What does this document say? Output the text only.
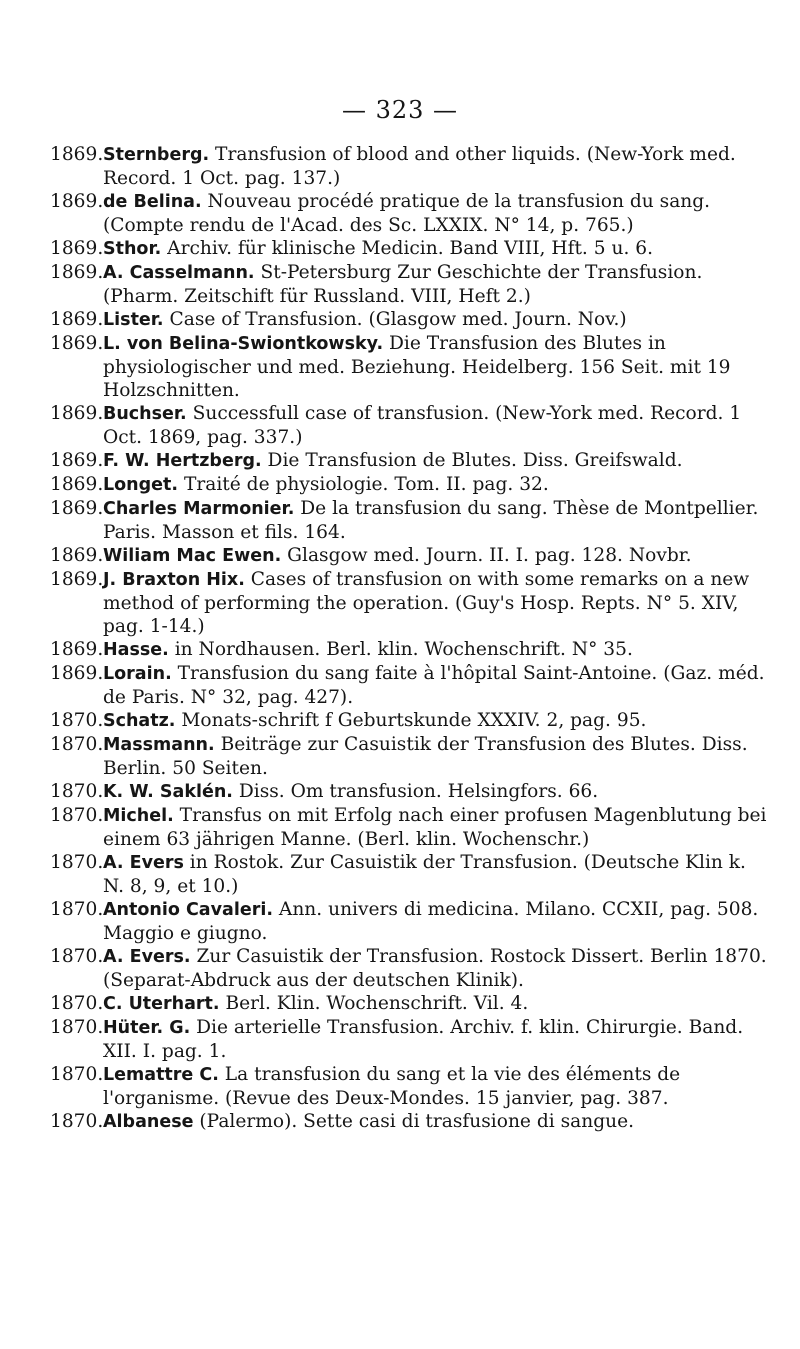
— 323 —
1869. Sternberg. Transfusion of blood and other liquids. (New-York med. Record. 1 Oct. pag. 137.)
1869. de Belina. Nouveau procédé pratique de la transfusion du sang. (Compte rendu de l'Acad. des Sc. LXXIX. N° 14, p. 765.)
1869. Sthor. Archiv. für klinische Medicin. Band VIII, Hft. 5 u. 6.
1869. A. Casselmann. St-Petersburg Zur Geschichte der Transfusion. (Pharm. Zeitschift für Russland. VIII, Heft 2.)
1869. Lister. Case of Transfusion. (Glasgow med. Journ. Nov.)
1869. L. von Belina-Swiontkowsky. Die Transfusion des Blutes in physiologischer und med. Beziehung. Heidelberg. 156 Seit. mit 19 Holzschnitten.
1869. Buchser. Successfull case of transfusion. (New-York med. Record. 1 Oct. 1869, pag. 337.)
1869. F. W. Hertzberg. Die Transfusion de Blutes. Diss. Greifswald.
1869. Longet. Traité de physiologie. Tom. II. pag. 32.
1869. Charles Marmonier. De la transfusion du sang. Thèse de Montpellier. Paris. Masson et fils. 164.
1869. Wiliam Mac Ewen. Glasgow med. Journ. II. I. pag. 128. Novbr.
1869. J. Braxton Hix. Cases of transfusion on with some remarks on a new method of performing the operation. (Guy's Hosp. Repts. N° 5. XIV, pag. 1-14.)
1869. Hasse. in Nordhausen. Berl. klin. Wochenschrift. N° 35.
1869. Lorain. Transfusion du sang faite à l'hôpital Saint-Antoine. (Gaz. méd. de Paris. N° 32, pag. 427).
1870. Schatz. Monats-schrift f Geburtskunde XXXIV. 2, pag. 95.
1870. Massmann. Beiträge zur Casuistik der Transfusion des Blutes. Diss. Berlin. 50 Seiten.
1870. K. W. Saklén. Diss. Om transfusion. Helsingfors. 66.
1870. Michel. Transfus on mit Erfolg nach einer profusen Magenblutung bei einem 63 jährigen Manne. (Berl. klin. Wochenschr.)
1870. A. Evers in Rostok. Zur Casuistik der Transfusion. (Deutsche Klin k. N. 8, 9, et 10.)
1870. Antonio Cavaleri. Ann. univers di medicina. Milano. CCXII, pag. 508. Maggio e giugno.
1870. A. Evers. Zur Casuistik der Transfusion. Rostock Dissert. Berlin 1870. (Separat-Abdruck aus der deutschen Klinik).
1870. C. Uterhart. Berl. Klin. Wochenschrift. Vil. 4.
1870. Hüter. G. Die arterielle Transfusion. Archiv. f. klin. Chirurgie. Band. XII. I. pag. 1.
1870. Lemattre C. La transfusion du sang et la vie des éléments de l'organisme. (Revue des Deux-Mondes. 15 janvier, pag. 387.
1870. Albanese (Palermo). Sette casi di trasfusione di sangue.
